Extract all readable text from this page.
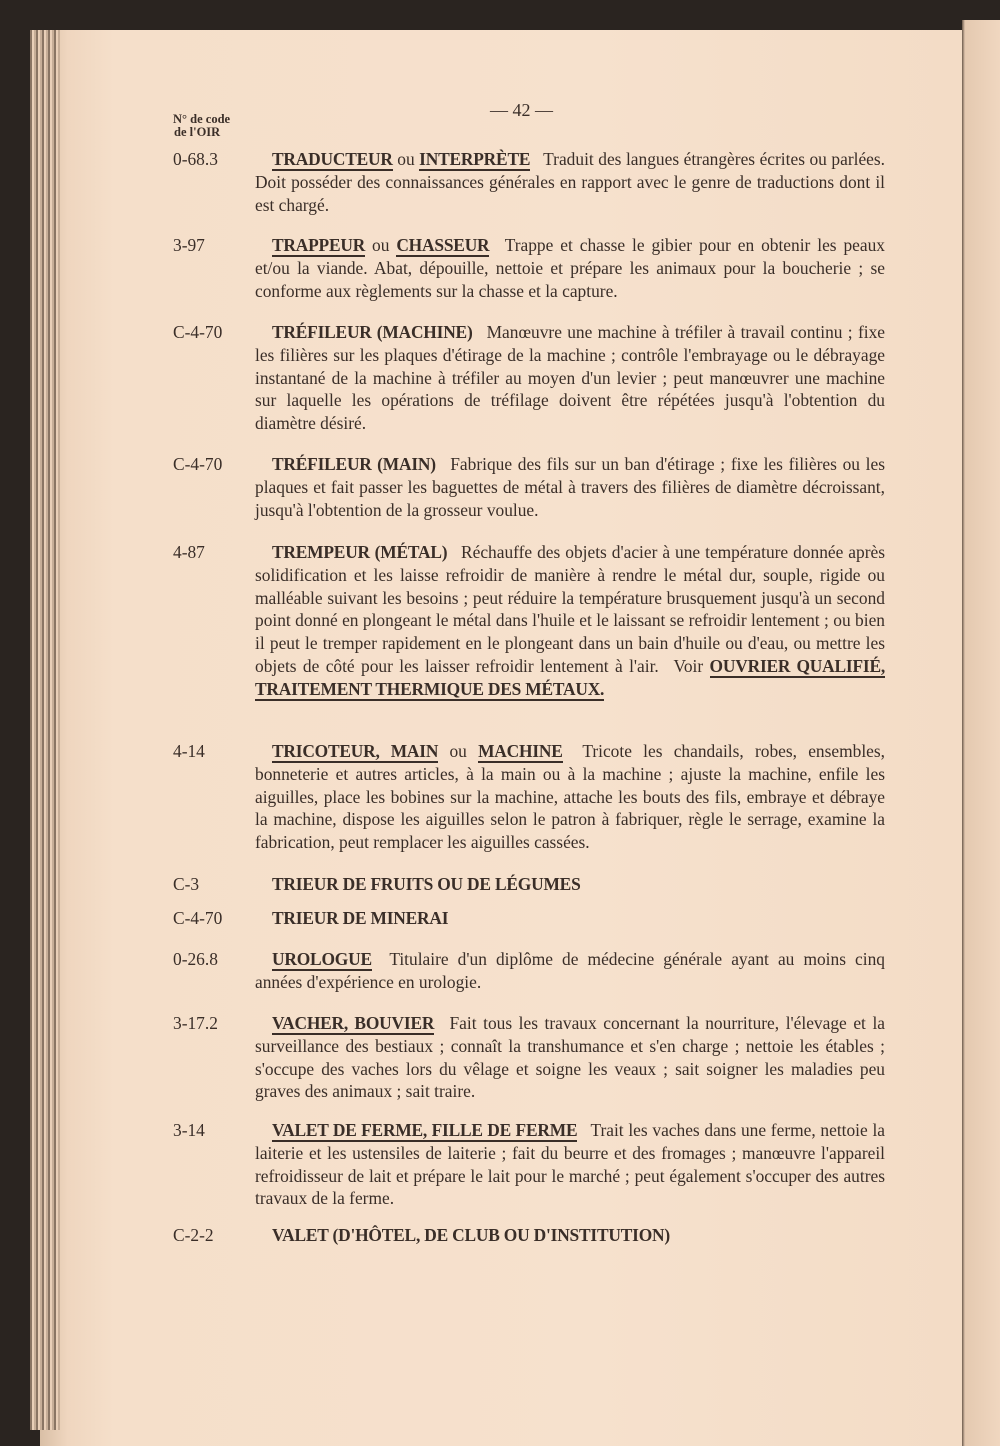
— 42 —
N° de code
de l'OIR
0-68.3	TRADUCTEUR ou INTERPRÈTE  Traduit des langues étrangères écrites ou parlées. Doit posséder des connaissances générales en rapport avec le genre de traductions dont il est chargé.
3-97	TRAPPEUR ou CHASSEUR  Trappe et chasse le gibier pour en obtenir les peaux et/ou la viande. Abat, dépouille, nettoie et prépare les animaux pour la boucherie ; se conforme aux règlements sur la chasse et la capture.
C-4-70	TRÉFILEUR (MACHINE)  Manœuvre une machine à tréfiler à travail continu ; fixe les filières sur les plaques d'étirage de la machine ; contrôle l'embrayage ou le débrayage instantané de la machine à tréfiler au moyen d'un levier ; peut manœuvrer une machine sur laquelle les opérations de tréfilage doivent être répétées jusqu'à l'obtention du diamètre désiré.
C-4-70	TRÉFILEUR (MAIN)  Fabrique des fils sur un ban d'étirage ; fixe les filières ou les plaques et fait passer les baguettes de métal à travers des filières de diamètre décroissant, jusqu'à l'obtention de la grosseur voulue.
4-87	TREMPEUR (MÉTAL)  Réchauffe des objets d'acier à une température donnée après solidification et les laisse refroidir de manière à rendre le métal dur, souple, rigide ou malléable suivant les besoins ; peut réduire la température brusquement jusqu'à un second point donné en plongeant le métal dans l'huile et le laissant se refroidir lentement ; ou bien il peut le tremper rapidement en le plongeant dans un bain d'huile ou d'eau, ou mettre les objets de côté pour les laisser refroidir lentement à l'air.  Voir OUVRIER QUALIFIÉ, TRAITEMENT THERMIQUE DES MÉTAUX.
4-14	TRICOTEUR, MAIN ou MACHINE  Tricote les chandails, robes, ensembles, bonneterie et autres articles, à la main ou à la machine ; ajuste la machine, enfile les aiguilles, place les bobines sur la machine, attache les bouts des fils, embraye et débraye la machine, dispose les aiguilles selon le patron à fabriquer, règle le serrage, examine la fabrication, peut remplacer les aiguilles cassées.
C-3	TRIEUR DE FRUITS OU DE LÉGUMES
C-4-70	TRIEUR DE MINERAI
0-26.8	UROLOGUE  Titulaire d'un diplôme de médecine générale ayant au moins cinq années d'expérience en urologie.
3-17.2	VACHER, BOUVIER  Fait tous les travaux concernant la nourriture, l'élevage et la surveillance des bestiaux ; connaît la transhumance et s'en charge ; nettoie les étables ; s'occupe des vaches lors du vêlage et soigne les veaux ; sait soigner les maladies peu graves des animaux ; sait traire.
3-14	VALET DE FERME, FILLE DE FERME  Trait les vaches dans une ferme, nettoie la laiterie et les ustensiles de laiterie ; fait du beurre et des fromages ; manœuvre l'appareil refroidisseur de lait et prépare le lait pour le marché ; peut également s'occuper des autres travaux de la ferme.
C-2-2	VALET (D'HÔTEL, DE CLUB OU D'INSTITUTION)
